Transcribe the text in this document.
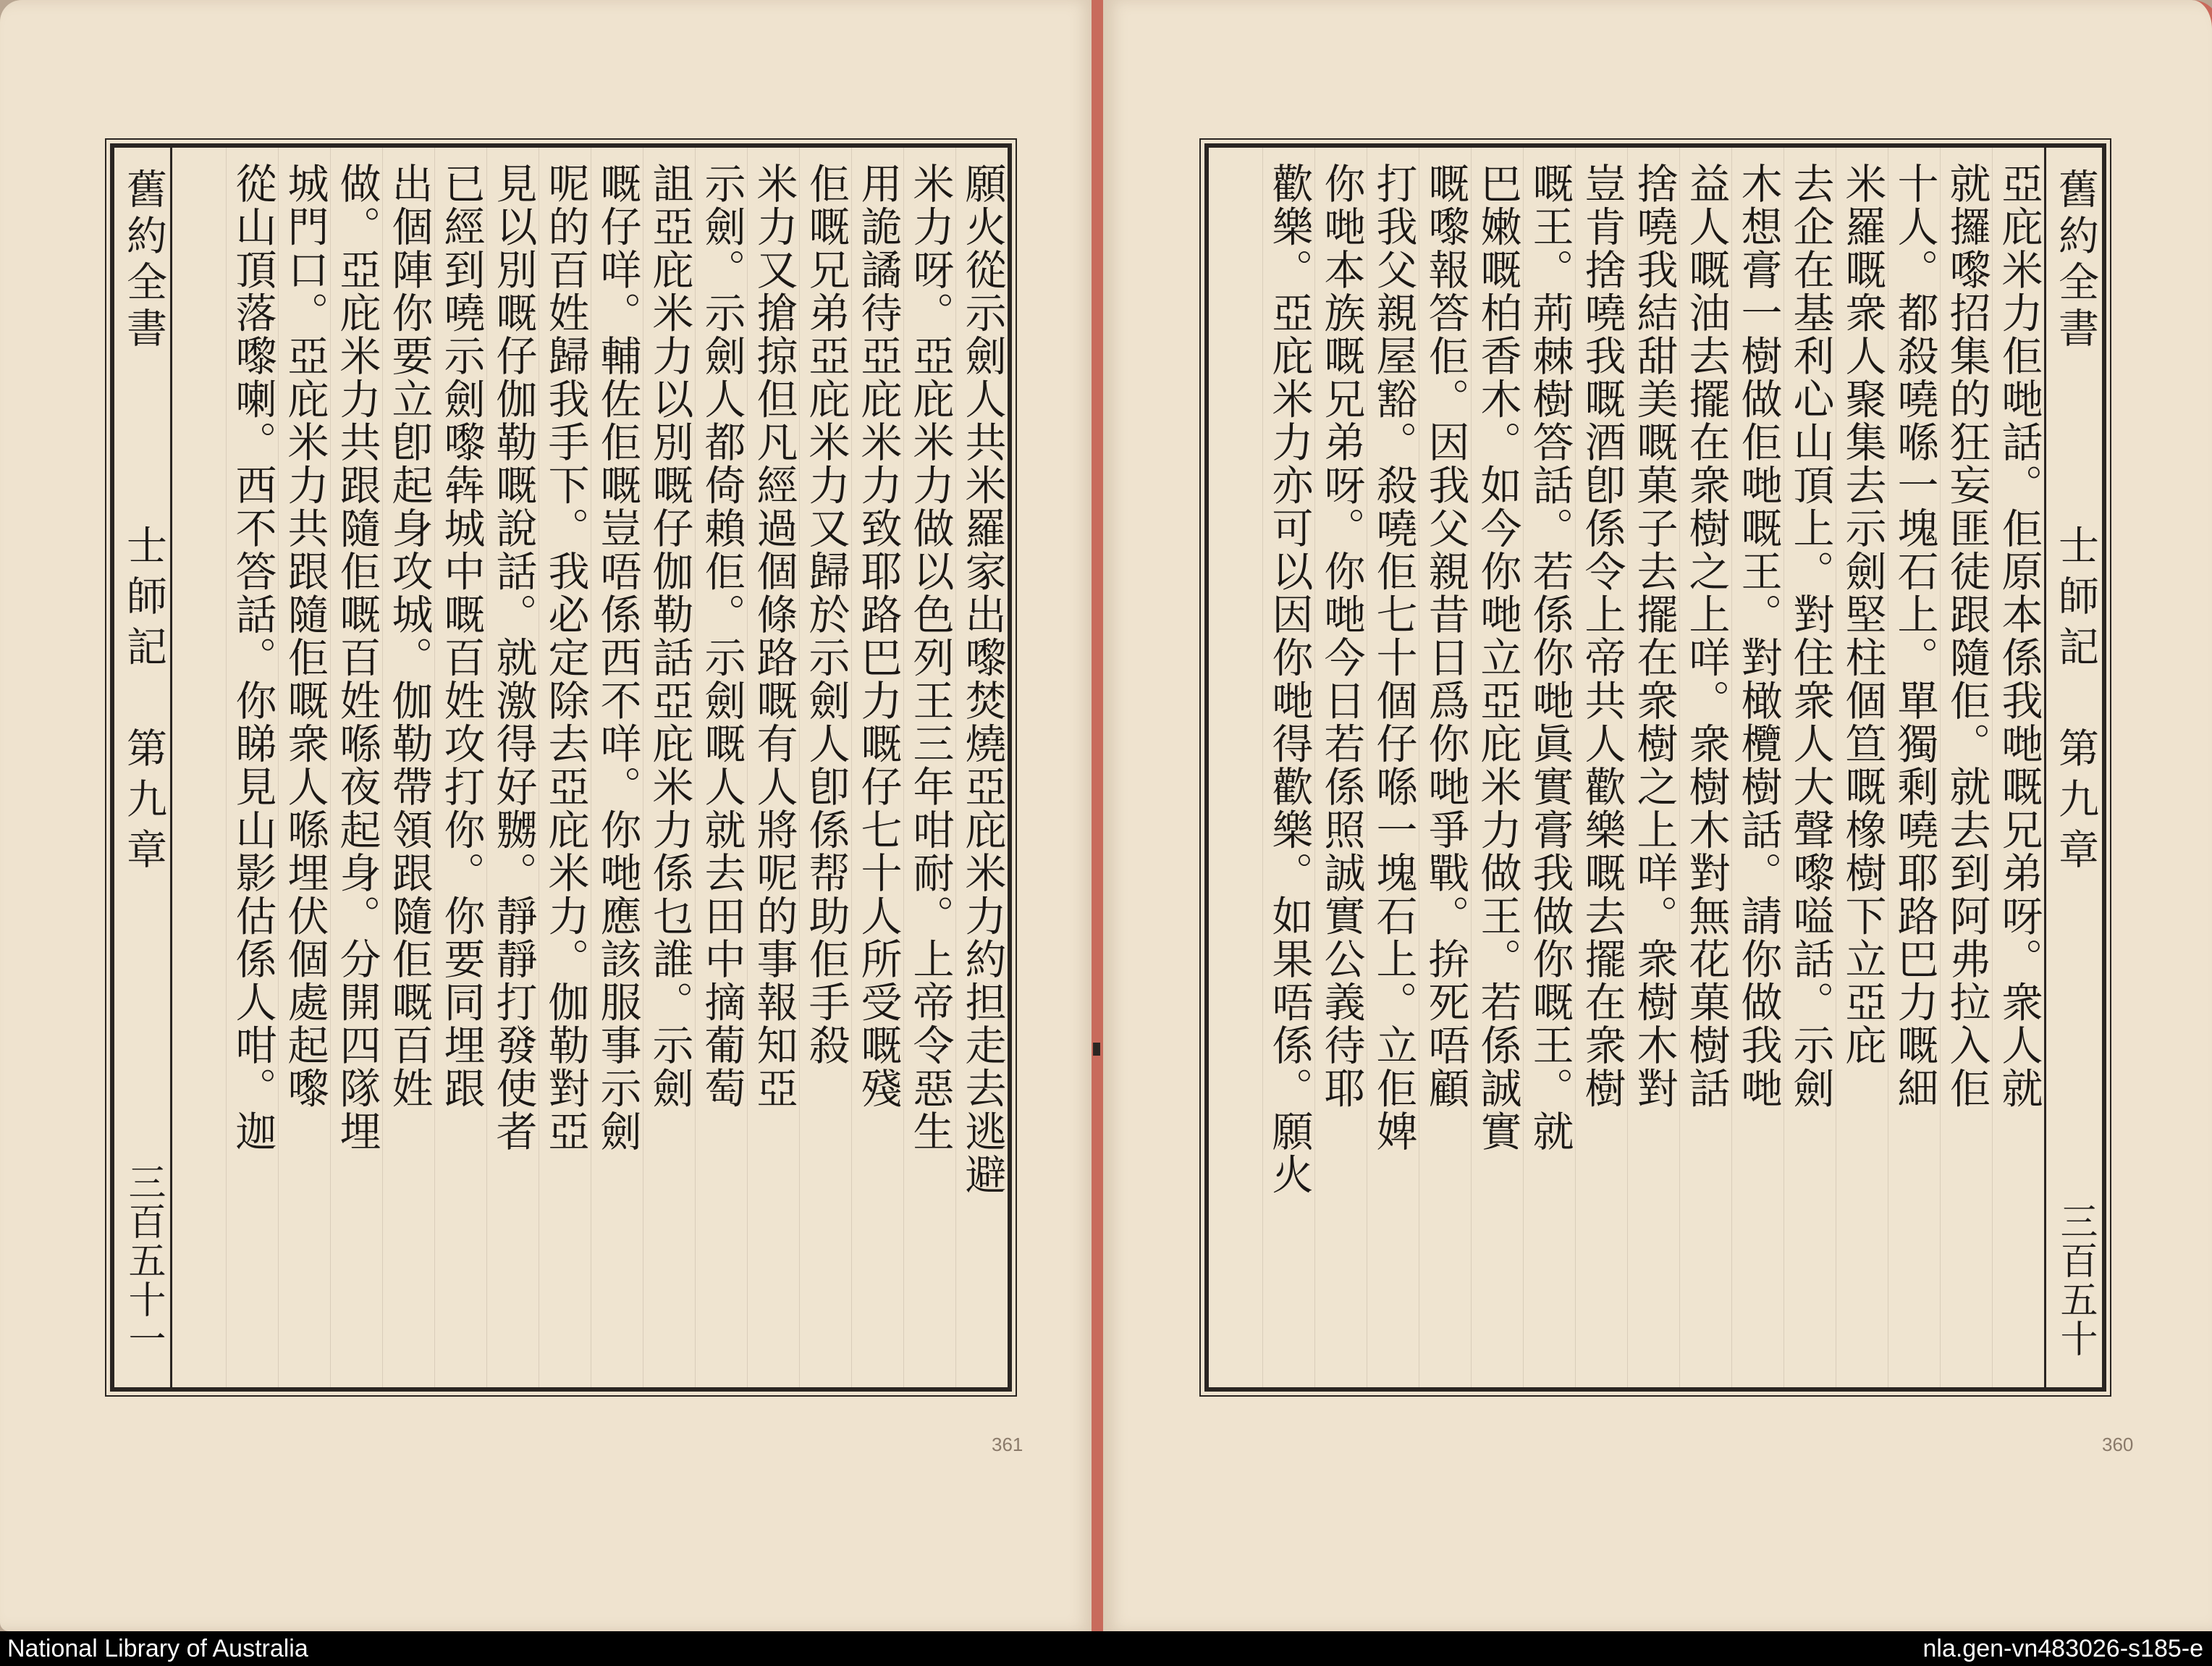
舊約全書
士師記　第九章
三百五十一
願火從示劍人共米羅家出嚟焚燒亞庇米力約担走去逃避
米力呀。亞庇米力做以色列王三年咁耐。上帝令惡生
用詭譎待亞庇米力致耶路巴力嘅仔七十人所受嘅殘
佢嘅兄弟亞庇米力又歸於示劍人卽係帮助佢手殺
米力又搶掠但凡經過個條路嘅有人將呢的事報知亞
示劍。示劍人都倚賴佢。示劍嘅人就去田中摘葡萄
詛亞庇米力以別嘅仔伽勒話亞庇米力係乜誰。示劍
嘅仔咩。輔佐佢嘅豈唔係西不咩。你哋應該服事示劍
呢的百姓歸我手下。我必定除去亞庇米力。伽勒對亞
見以別嘅仔伽勒嘅說話。就激得好嬲。靜靜打發使者
已經到嘵示劍嚟犇城中嘅百姓攻打你。你要同埋跟
出個陣你要立卽起身攻城。伽勒帶領跟隨佢嘅百姓
做。亞庇米力共跟隨佢嘅百姓喺夜起身。分開四隊埋
城門口。亞庇米力共跟隨佢嘅衆人喺埋伏個處起嚟
從山頂落嚟喇。西不答話。你睇見山影估係人咁。迦
361	360
舊約全書
士師記　第九章
三百五十
亞庇米力佢哋話。佢原本係我哋嘅兄弟呀。衆人就
就攞嚟招集的狂妄匪徒跟隨佢。就去到阿弗拉入佢
十人。都殺嘵喺一塊石上。單獨剩嘵耶路巴力嘅細
米羅嘅衆人聚集去示劍堅柱個笪嘅橡樹下立亞庇
去企在基利心山頂上。對住衆人大聲嚟嗌話。示劍
木想膏一樹做佢哋嘅王。對橄欖樹話。請你做我哋
益人嘅油去擺在衆樹之上咩。衆樹木對無花菓樹話
捨嘵我結甜美嘅菓子去擺在衆樹之上咩。衆樹木對
豈肯捨嘵我嘅酒卽係令上帝共人歡樂嘅去擺在衆樹
嘅王。荊棘樹答話。若係你哋眞實膏我做你嘅王。就
巴嫩嘅柏香木。如今你哋立亞庇米力做王。若係誠實
嘅嚟報答佢。因我父親昔日爲你哋爭戰。拚死唔顧
打我父親屋豁。殺嘵佢七十個仔喺一塊石上。立佢婢
你哋本族嘅兄弟呀。你哋今日若係照誠實公義待耶
歡樂。亞庇米力亦可以因你哋得歡樂。如果唔係。願火
National Library of Australia	nla.gen-vn483026-s185-e
